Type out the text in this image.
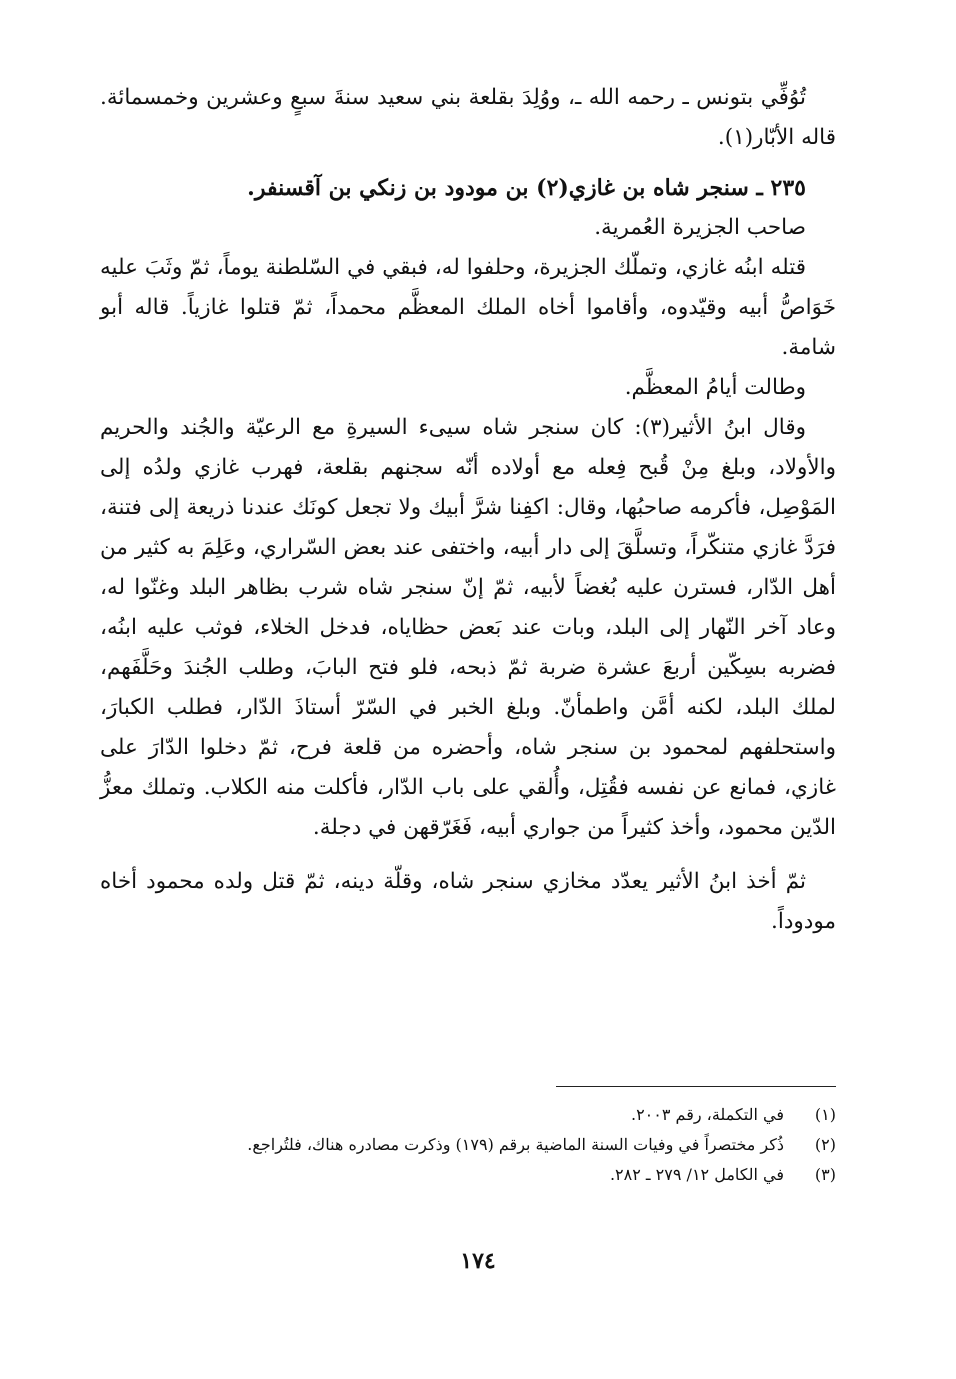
تُوُفِّي بتونس ـ رحمه الله ـ، ووُلِدَ بقلعة بني سعيد سنةَ سبعٍ وعشرين وخمسمائة. قاله الأبّار(١).

٢٣٥ ـ سنجر شاه بن غازي(٢) بن مودود بن زنكي بن آقسنفر.

صاحب الجزيرة العُمرية.

قتله ابنُه غازي، وتملّك الجزيرة، وحلفوا له، فبقي في السّلطنة يوماً، ثمّ وثَبَ عليه خَوَاصُّ أبيه وقيّدوه، وأقاموا أخاه الملك المعظَّم محمداً، ثمّ قتلوا غازياً. قاله أبو شامة.

وطالت أيامُ المعظَّم.

وقال ابنُ الأثير(٣): كان سنجر شاه سيىء السيرةِ مع الرعيّة والجُند والحريم والأولاد، وبلغ مِنْ قُبح فِعله مع أولاده أنّه سجنهم بقلعة، فهرب غازي ولدُه إلى المَوْصِل، فأكرمه صاحبُها، وقال: اكفِنا شرَّ أبيك ولا تجعل كونَك عندنا ذريعة إلى فتنة، فرَدَّ غازي متنكّراً، وتسلَّقَ إلى دار أبيه، واختفى عند بعض السّراري، وعَلِمَ به كثير من أهل الدّار، فسترن عليه بُغضاً لأبيه، ثمّ إنّ سنجر شاه شرب بظاهر البلد وغنّوا له، وعاد آخر النّهار إلى البلد، وبات عند بَعض حظاياه، فدخل الخلاء، فوثب عليه ابنُه، فضربه بسِكّين أربعَ عشرة ضربة ثمّ ذبحه، فلو فتح البابَ، وطلب الجُندَ وحَلَّفَهم، لملك البلد، لكنه أمَّن واطمأنّ. وبلغ الخبر في السّرّ أستاذَ الدّار، فطلب الكبارَ، واستحلفهم لمحمود بن سنجر شاه، وأحضره من قلعة فرح، ثمّ دخلوا الدّارَ على غازي، فمانع عن نفسه فقُتِل، وأُلقي على باب الدّار، فأكلت منه الكلاب. وتملك معزُّ الدّين محمود، وأخذ كثيراً من جواري أبيه، فَغَرّقهن في دجلة.

ثمّ أخذ ابنُ الأثير يعدّد مخازي سنجر شاه، وقلّة دينه، ثمّ قتل ولده محمود أخاه مودوداً.

(١)
في التكملة، رقم ٢٠٠٣.
(٢)
ذُكر مختصراً في وفيات السنة الماضية برقم (١٧٩) وذكرت مصادره هناك، فلتُراجع.
(٣)
في الكامل ١٢/ ٢٧٩ ـ ٢٨٢.
١٧٤
